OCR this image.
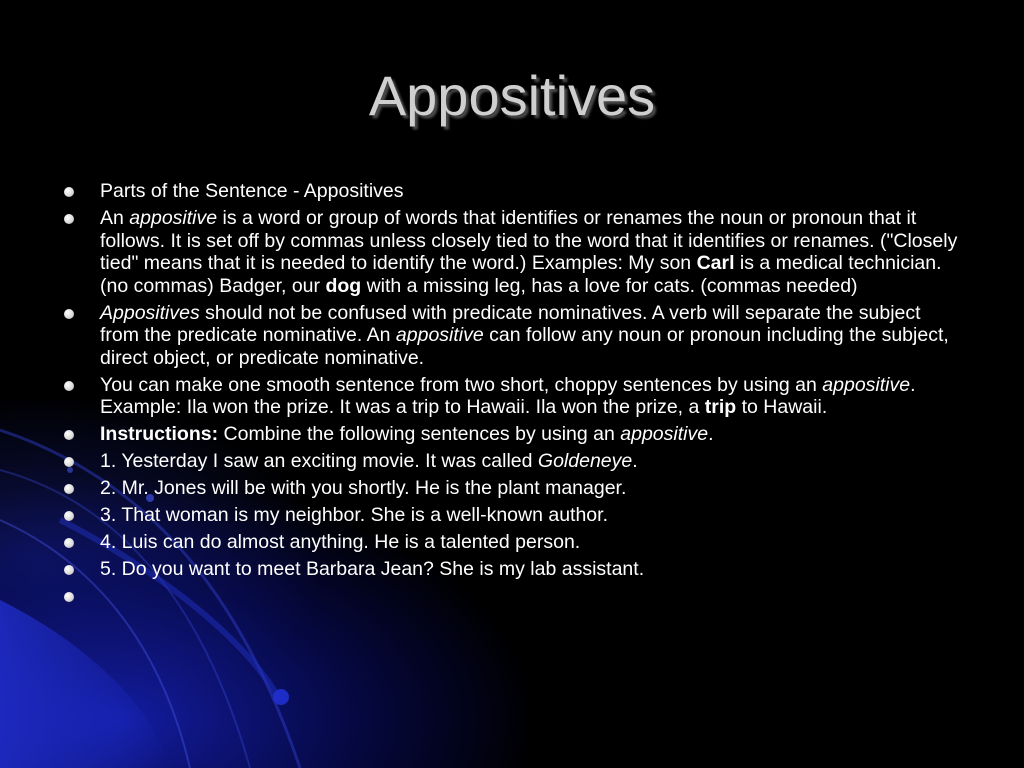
Appositives
Parts of the Sentence - Appositives
An appositive is a word or group of words that identifies or renames the noun or pronoun that it follows. It is set off by commas unless closely tied to the word that it identifies or renames. ("Closely tied" means that it is needed to identify the word.) Examples: My son Carl is a medical technician. (no commas) Badger, our dog with a missing leg, has a love for cats. (commas needed)
Appositives should not be confused with predicate nominatives. A verb will separate the subject from the predicate nominative. An appositive can follow any noun or pronoun including the subject, direct object, or predicate nominative.
You can make one smooth sentence from two short, choppy sentences by using an appositive. Example: Ila won the prize. It was a trip to Hawaii. Ila won the prize, a trip to Hawaii.
Instructions: Combine the following sentences by using an appositive.
1. Yesterday I saw an exciting movie. It was called Goldeneye.
2. Mr. Jones will be with you shortly. He is the plant manager.
3. That woman is my neighbor. She is a well-known author.
4. Luis can do almost anything. He is a talented person.
5. Do you want to meet Barbara Jean? She is my lab assistant.
